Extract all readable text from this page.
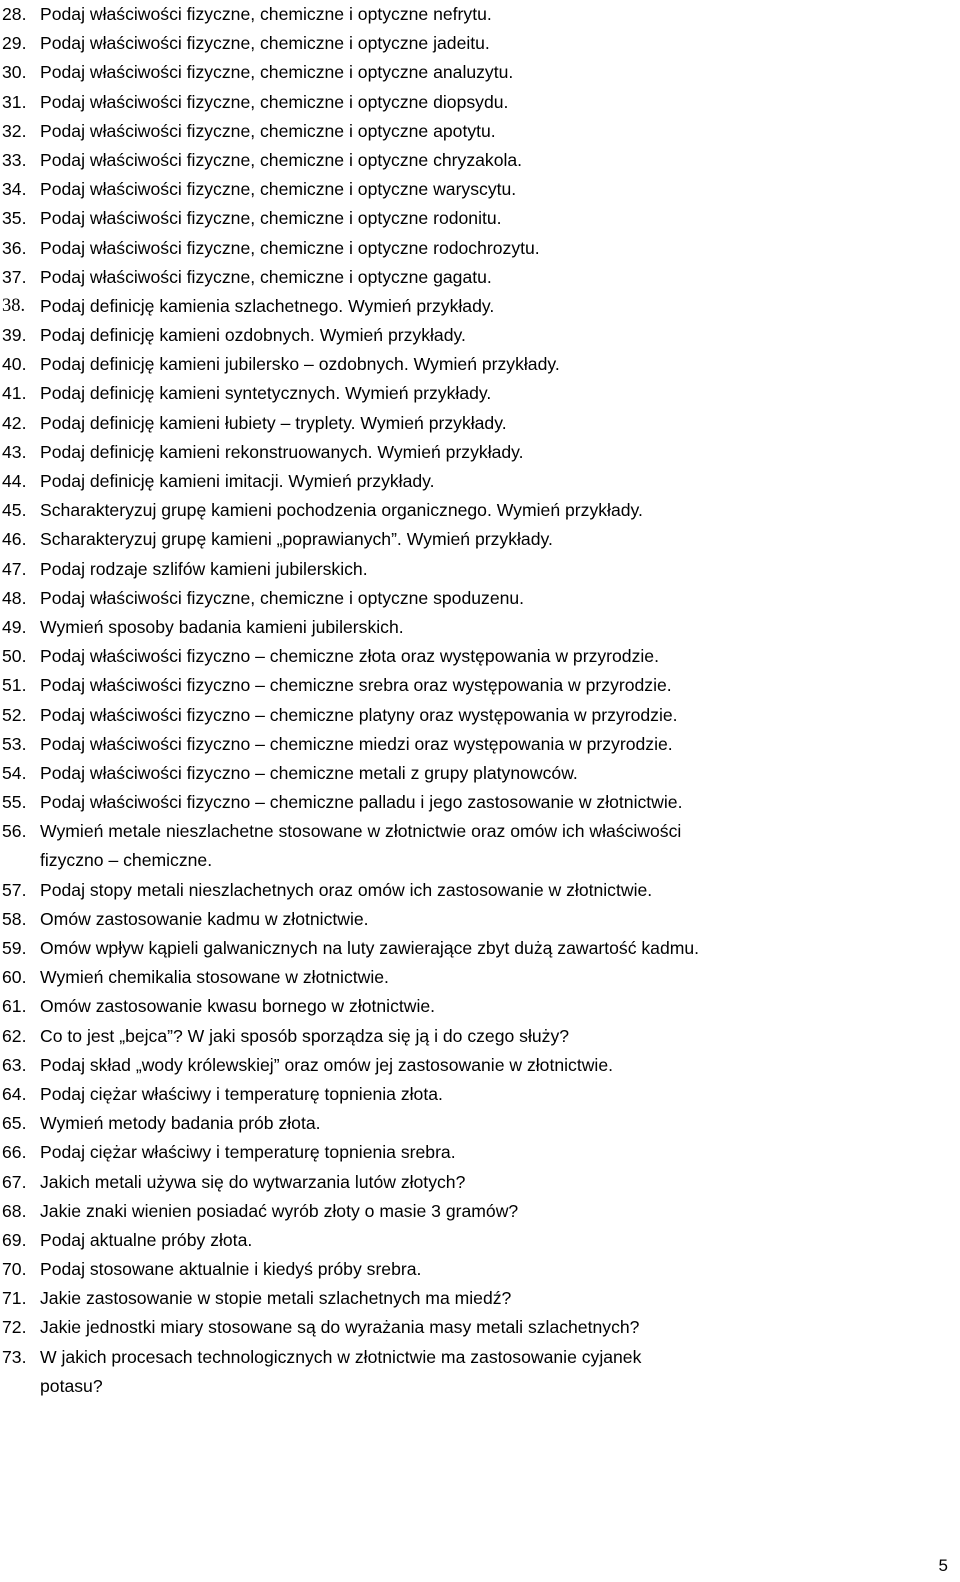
28. Podaj właściwości fizyczne, chemiczne i optyczne nefrytu.
29. Podaj właściwości fizyczne, chemiczne i optyczne jadeitu.
30. Podaj właściwości fizyczne, chemiczne i optyczne analuzytu.
31. Podaj właściwości fizyczne, chemiczne i optyczne diopsydu.
32. Podaj właściwości fizyczne, chemiczne i optyczne apotytu.
33. Podaj właściwości fizyczne, chemiczne i optyczne chryzakola.
34. Podaj właściwości fizyczne, chemiczne i optyczne waryscytu.
35. Podaj właściwości fizyczne, chemiczne i optyczne rodonitu.
36. Podaj właściwości fizyczne, chemiczne i optyczne rodochrozytu.
37. Podaj właściwości fizyczne, chemiczne i optyczne gagatu.
38. Podaj definicję kamienia szlachetnego. Wymień przykłady.
39. Podaj definicję kamieni ozdobnych. Wymień przykłady.
40. Podaj definicję kamieni jubilersko – ozdobnych. Wymień przykłady.
41. Podaj definicję kamieni syntetycznych. Wymień przykłady.
42. Podaj definicję kamieni łubiety – tryplety. Wymień przykłady.
43. Podaj definicję kamieni rekonstruowanych. Wymień przykłady.
44. Podaj definicję kamieni imitacji. Wymień przykłady.
45. Scharakteryzuj grupę kamieni pochodzenia organicznego. Wymień przykłady.
46. Scharakteryzuj grupę kamieni „poprawianych”. Wymień przykłady.
47. Podaj rodzaje szlifów kamieni jubilerskich.
48. Podaj właściwości fizyczne, chemiczne i optyczne spoduzenu.
49. Wymień sposoby badania kamieni jubilerskich.
50. Podaj właściwości fizyczno – chemiczne złota oraz występowania w przyrodzie.
51. Podaj właściwości fizyczno – chemiczne srebra oraz występowania w przyrodzie.
52. Podaj właściwości fizyczno – chemiczne platyny oraz występowania w przyrodzie.
53. Podaj właściwości fizyczno – chemiczne miedzi oraz występowania w przyrodzie.
54. Podaj właściwości fizyczno – chemiczne metali z grupy platynowców.
55. Podaj właściwości fizyczno – chemiczne palladu i jego zastosowanie w złotnictwie.
56. Wymień metale nieszlachetne stosowane w złotnictwie oraz omów ich właściwości
fizyczno – chemiczne.
57. Podaj stopy metali nieszlachetnych oraz omów ich zastosowanie w złotnictwie.
58. Omów zastosowanie kadmu w złotnictwie.
59. Omów wpływ kąpieli galwanicznych na luty zawierające zbyt dużą zawartość kadmu.
60. Wymień chemikalia stosowane w złotnictwie.
61. Omów zastosowanie kwasu bornego w złotnictwie.
62. Co to jest „bejca”? W jaki sposób sporządza się ją i do czego służy?
63. Podaj skład „wody królewskiej” oraz omów jej zastosowanie w złotnictwie.
64. Podaj ciężar właściwy i temperaturę topnienia złota.
65. Wymień metody badania prób złota.
66. Podaj ciężar właściwy i temperaturę topnienia srebra.
67. Jakich metali używa się do wytwarzania lutów złotych?
68. Jakie znaki wienien posiadać wyrób złoty o masie 3 gramów?
69. Podaj aktualne próby złota.
70. Podaj stosowane aktualnie i kiedyś próby srebra.
71. Jakie zastosowanie w stopie metali szlachetnych ma miedź?
72. Jakie jednostki miary stosowane są do wyrażania masy metali szlachetnych?
73. W jakich procesach technologicznych w złotnictwie ma zastosowanie cyjanek
potasu?
5
